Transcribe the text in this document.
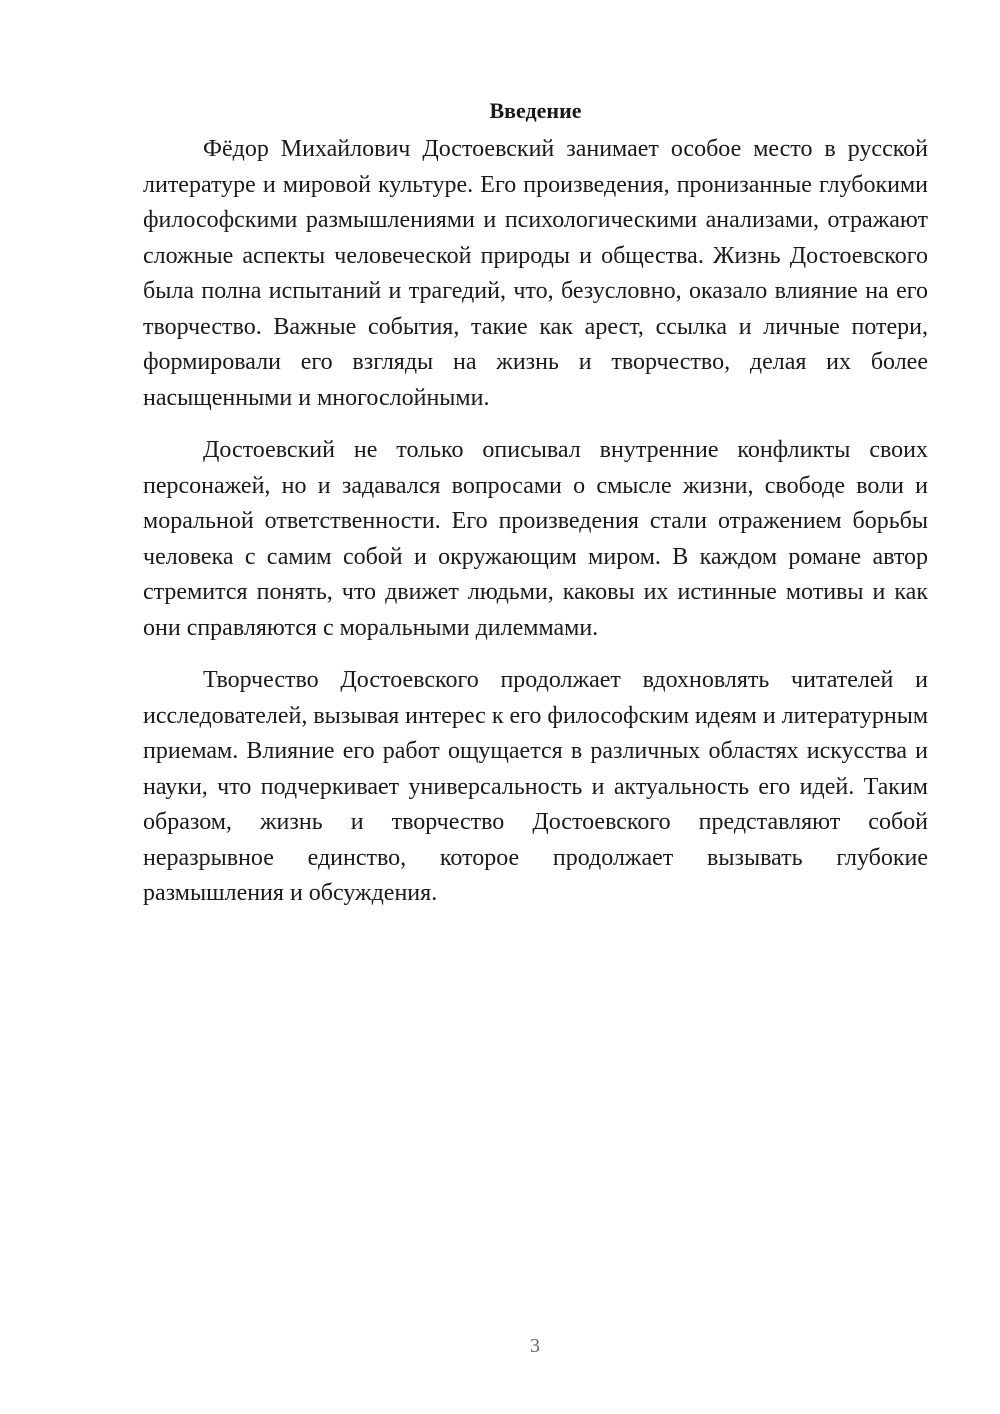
Введение

Фёдор Михайлович Достоевский занимает особое место в русской литературе и мировой культуре. Его произведения, пронизанные глубокими философскими размышлениями и психологическими анализами, отражают сложные аспекты человеческой природы и общества. Жизнь Достоевского была полна испытаний и трагедий, что, безусловно, оказало влияние на его творчество. Важные события, такие как арест, ссылка и личные потери, формировали его взгляды на жизнь и творчество, делая их более насыщенными и многослойными.

Достоевский не только описывал внутренние конфликты своих персонажей, но и задавался вопросами о смысле жизни, свободе воли и моральной ответственности. Его произведения стали отражением борьбы человека с самим собой и окружающим миром. В каждом романе автор стремится понять, что движет людьми, каковы их истинные мотивы и как они справляются с моральными дилеммами.

Творчество Достоевского продолжает вдохновлять читателей и исследователей, вызывая интерес к его философским идеям и литературным приемам. Влияние его работ ощущается в различных областях искусства и науки, что подчеркивает универсальность и актуальность его идей. Таким образом, жизнь и творчество Достоевского представляют собой неразрывное единство, которое продолжает вызывать глубокие размышления и обсуждения.

3
